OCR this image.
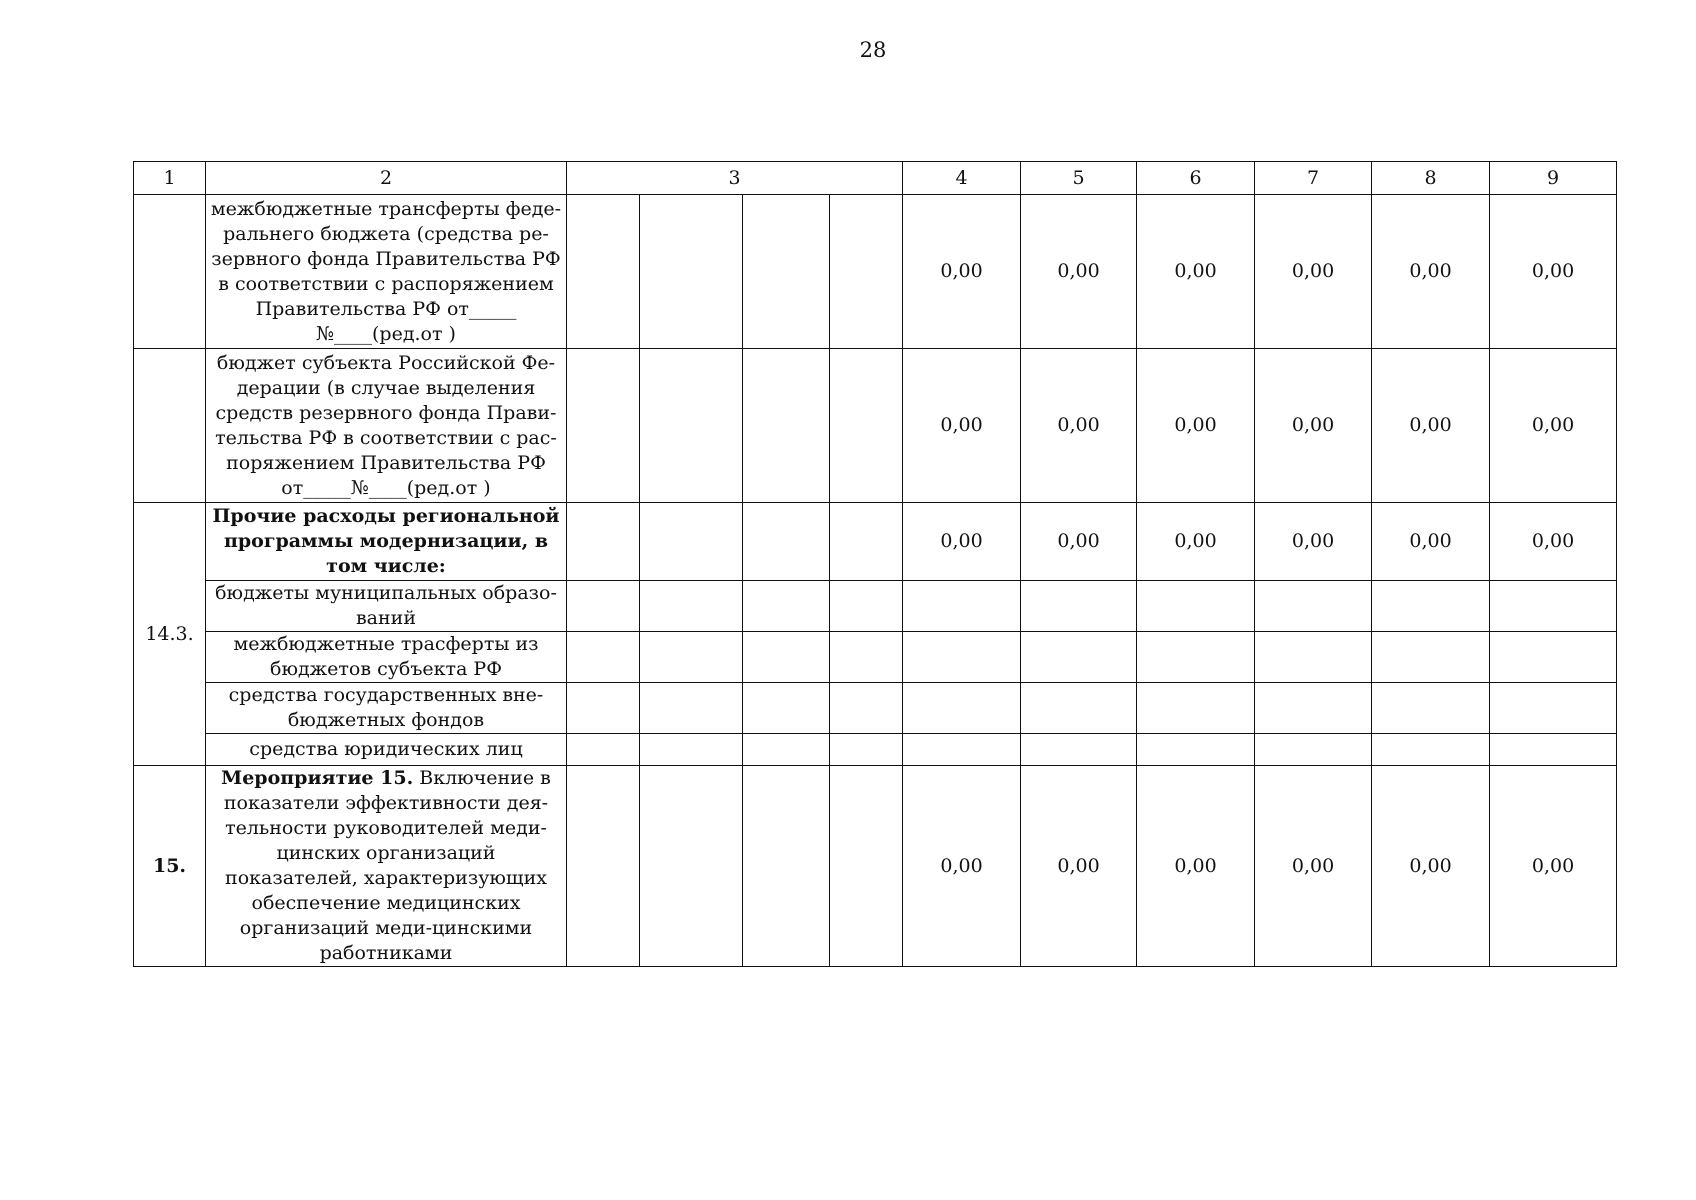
28
1	2	3				4	5	6	7	8	9
	межбюджетные трансферты феде-ральнего бюджета (средства ре-зервного фонда Правительства РФ в соответствии с распоряжением Правительства РФ от_____ №____(ред.от )					0,00	0,00	0,00	0,00	0,00	0,00
	бюджет субъекта Российской Фе-дерации (в случае выделения средств резервного фонда Прави-тельства РФ в соответствии с рас-поряжением Правительства РФ от_____№____(ред.от )					0,00	0,00	0,00	0,00	0,00	0,00
14.3.	Прочие расходы региональной программы модернизации, в том числе:					0,00	0,00	0,00	0,00	0,00	0,00
	бюджеты муниципальных образо-ваний										
	межбюджетные трасферты из бюджетов субъекта РФ										
	средства государственных вне-бюджетных фондов										
	средства юридических лиц										
15.	Мероприятие 15. Включение в показатели эффективности дея-тельности руководителей меди-цинских организаций показателей, характеризующих обеспечение медицинских организаций меди-цинскими работниками					0,00	0,00	0,00	0,00	0,00	0,00
